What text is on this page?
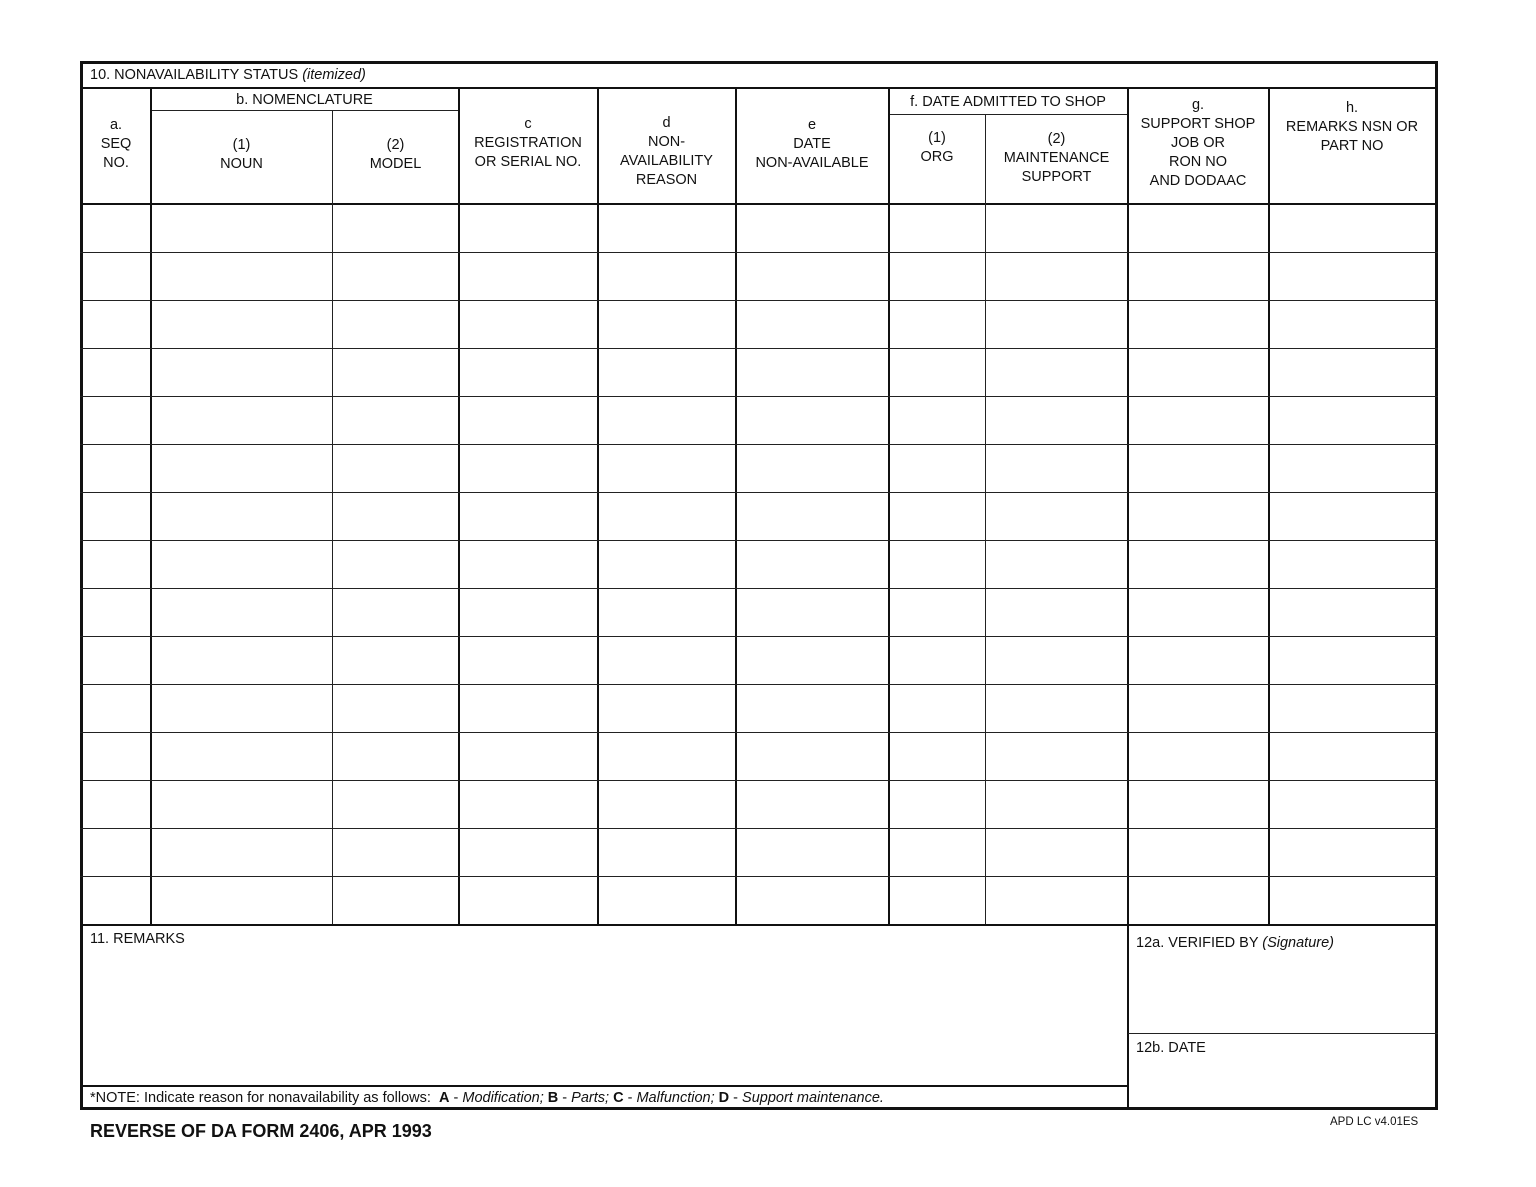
10. NONAVAILABILITY STATUS (itemized)
a.
SEQ
NO.
b. NOMENCLATURE
(1)
NOUN
(2)
MODEL
c
REGISTRATION
OR SERIAL NO.
d
NON-
AVAILABILITY
REASON
e
DATE
NON-AVAILABLE
f. DATE ADMITTED TO SHOP
(1)
ORG
(2)
MAINTENANCE
SUPPORT
g.
SUPPORT SHOP
JOB OR
RON NO
AND DODAAC
h.
REMARKS NSN OR
PART NO
11. REMARKS
*NOTE: Indicate reason for nonavailability as follows: A - Modification; B - Parts; C - Malfunction; D - Support maintenance.
12a. VERIFIED BY (Signature)
12b. DATE
REVERSE OF DA FORM 2406, APR 1993	APD LC v4.01ES
